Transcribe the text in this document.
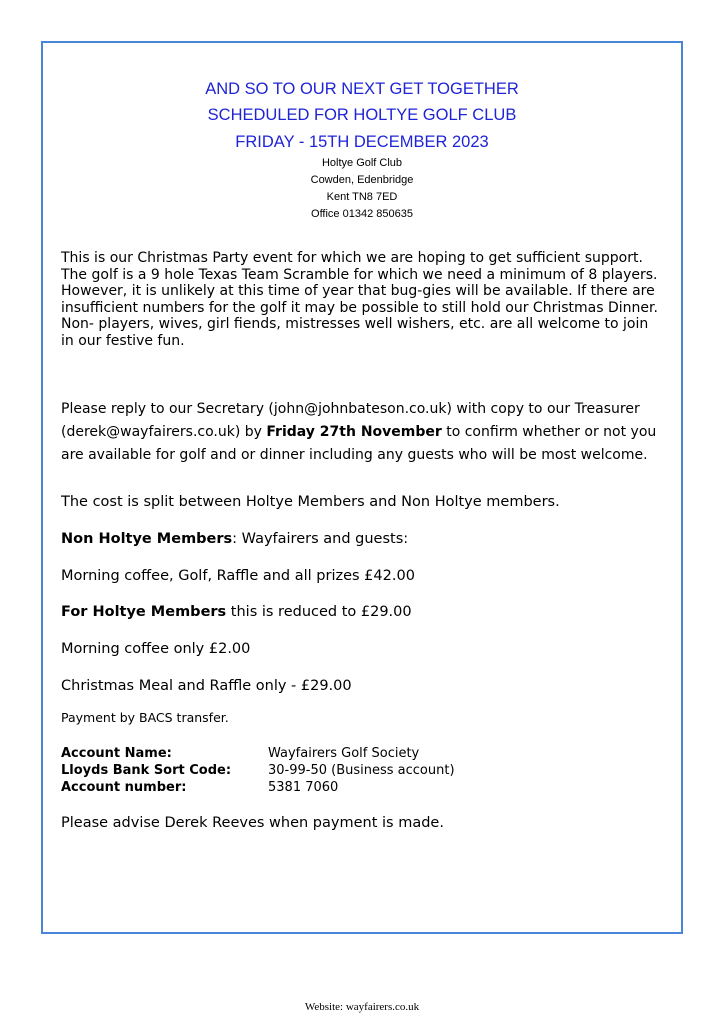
AND SO TO OUR NEXT GET TOGETHER

SCHEDULED FOR HOLTYE GOLF CLUB

FRIDAY - 15TH DECEMBER 2023

Holtye Golf Club
Cowden, Edenbridge
Kent TN8 7ED
Office 01342 850635

This is our Christmas Party event for which we are hoping to get sufficient support. The golf is a 9 hole Texas Team Scramble for which we need a minimum of 8 players. However, it is unlikely at this time of year that bug-gies will be available. If there are insufficient numbers for the golf it may be possible to still hold our Christmas Dinner. Non- players, wives, girl fiends, mistresses well wishers, etc. are all welcome to join in our festive fun.

Please reply to our Secretary (john@johnbateson.co.uk) with copy to our Treasurer (derek@wayfairers.co.uk) by Friday 27th November to confirm whether or not you are available for golf and or dinner including any guests who will be most welcome.

The cost is split between Holtye Members and Non Holtye members.
Non Holtye Members: Wayfairers and guests:
Morning coffee, Golf, Raffle and all prizes £42.00
For Holtye Members this is reduced to £29.00
Morning coffee only £2.00
Christmas Meal and Raffle only - £29.00
Payment by BACS transfer.
Account Name:	Wayfairers Golf Society
Lloyds Bank Sort Code:	30-99-50 (Business account)
Account number:	5381 7060
Please advise Derek Reeves when payment is made.
Website: wayfairers.co.uk
